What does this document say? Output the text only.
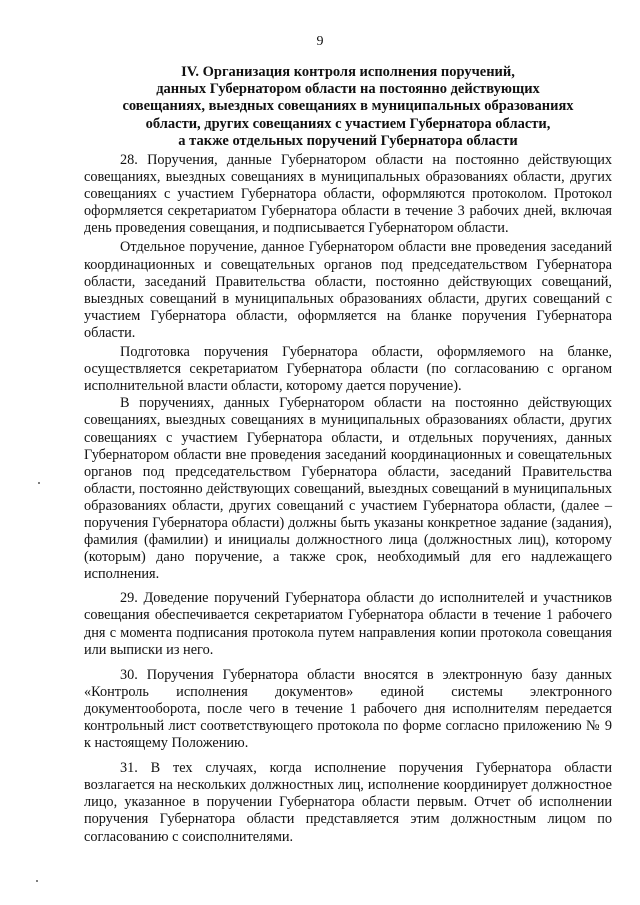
9
IV. Организация контроля исполнения поручений,
данных Губернатором области на постоянно действующих
совещаниях, выездных совещаниях в муниципальных образованиях
области, других совещаниях с участием Губернатора области,
а также отдельных поручений Губернатора области

28. Поручения, данные Губернатором области на постоянно действующих совещаниях, выездных совещаниях в муниципальных образованиях области, других совещаниях с участием Губернатора области, оформляются протоколом. Протокол оформляется секретариатом Губернатора области в течение 3 рабочих дней, включая день проведения совещания, и подписывается Губернатором области.

Отдельное поручение, данное Губернатором области вне проведения заседаний координационных и совещательных органов под председательством Губернатора области, заседаний Правительства области, постоянно действующих совещаний, выездных совещаний в муниципальных образованиях области, других совещаний с участием Губернатора области, оформляется на бланке поручения Губернатора области.

Подготовка поручения Губернатора области, оформляемого на бланке, осуществляется секретариатом Губернатора области (по согласованию с органом исполнительной власти области, которому дается поручение).

В поручениях, данных Губернатором области на постоянно действующих совещаниях, выездных совещаниях в муниципальных образованиях области, других совещаниях с участием Губернатора области, и отдельных поручениях, данных Губернатором области вне проведения заседаний координационных и совещательных органов под председательством Губернатора области, заседаний Правительства области, постоянно действующих совещаний, выездных совещаний в муниципальных образованиях области, других совещаний с участием Губернатора области, (далее – поручения Губернатора области) должны быть указаны конкретное задание (задания), фамилия (фамилии) и инициалы должностного лица (должностных лиц), которому (которым) дано поручение, а также срок, необходимый для его надлежащего исполнения.

29. Доведение поручений Губернатора области до исполнителей и участников совещания обеспечивается секретариатом Губернатора области в течение 1 рабочего дня с момента подписания протокола путем направления копии протокола совещания или выписки из него.

30. Поручения Губернатора области вносятся в электронную базу данных «Контроль исполнения документов» единой системы электронного документооборота, после чего в течение 1 рабочего дня исполнителям передается контрольный лист соответствующего протокола по форме согласно приложению № 9 к настоящему Положению.

31. В тех случаях, когда исполнение поручения Губернатора области возлагается на нескольких должностных лиц, исполнение координирует должностное лицо, указанное в поручении Губернатора области первым. Отчет об исполнении поручения Губернатора области представляется этим должностным лицом по согласованию с соисполнителями.
